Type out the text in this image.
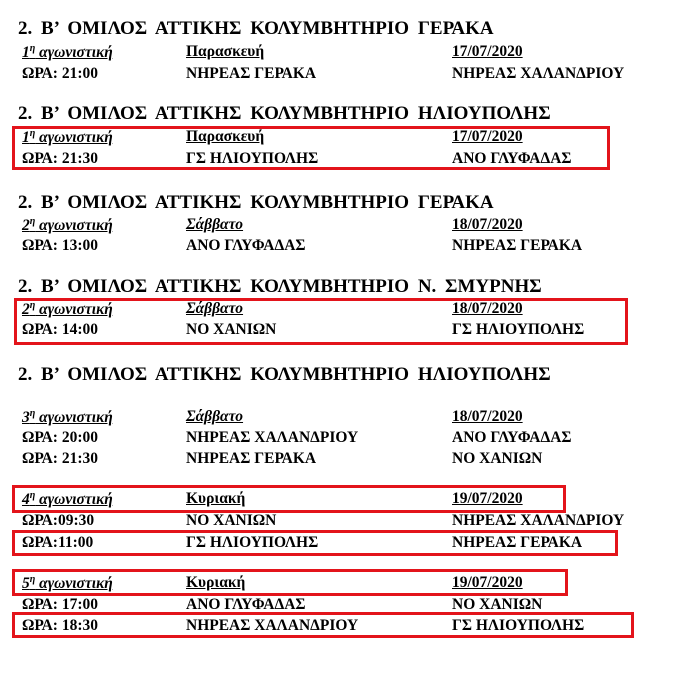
2. Β’ ΟΜΙΛΟΣ ΑΤΤΙΚΗΣ ΚΟΛΥΜΒΗΤΗΡΙΟ ΓΕΡΑΚΑ
$1^\eta$ αγωνιστική	Παρασκευή	17/07/2020
ΩΡΑ: 21:00	ΝΗΡΕΑΣ ΓΕΡΑΚΑ	ΝΗΡΕΑΣ ΧΑΛΑΝΔΡΙΟΥ
2. Β’ ΟΜΙΛΟΣ ΑΤΤΙΚΗΣ ΚΟΛΥΜΒΗΤΗΡΙΟ ΗΛΙΟΥΠΟΛΗΣ
$1^\eta$ αγωνιστική	Παρασκευή	17/07/2020
ΩΡΑ: 21:30	ΓΣ ΗΛΙΟΥΠΟΛΗΣ	ΑΝΟ ΓΛΥΦΑΔΑΣ
2. Β’ ΟΜΙΛΟΣ ΑΤΤΙΚΗΣ ΚΟΛΥΜΒΗΤΗΡΙΟ ΓΕΡΑΚΑ
$2^\eta$ αγωνιστική	Σάββατο	18/07/2020
ΩΡΑ: 13:00	ΑΝΟ ΓΛΥΦΑΔΑΣ	ΝΗΡΕΑΣ ΓΕΡΑΚΑ
2. Β’ ΟΜΙΛΟΣ ΑΤΤΙΚΗΣ ΚΟΛΥΜΒΗΤΗΡΙΟ Ν. ΣΜΥΡΝΗΣ
$2^\eta$ αγωνιστική	Σάββατο	18/07/2020
ΩΡΑ: 14:00	ΝΟ ΧΑΝΙΩΝ	ΓΣ ΗΛΙΟΥΠΟΛΗΣ
2. Β’ ΟΜΙΛΟΣ ΑΤΤΙΚΗΣ ΚΟΛΥΜΒΗΤΗΡΙΟ ΗΛΙΟΥΠΟΛΗΣ
$3^\eta$ αγωνιστική	Σάββατο	18/07/2020
ΩΡΑ: 20:00	ΝΗΡΕΑΣ ΧΑΛΑΝΔΡΙΟΥ	ΑΝΟ ΓΛΥΦΑΔΑΣ
ΩΡΑ: 21:30	ΝΗΡΕΑΣ ΓΕΡΑΚΑ	ΝΟ ΧΑΝΙΩΝ
$4^\eta$ αγωνιστική	Κυριακή	19/07/2020
ΩΡΑ:09:30	ΝΟ ΧΑΝΙΩΝ	ΝΗΡΕΑΣ ΧΑΛΑΝΔΡΙΟΥ
ΩΡΑ:11:00	ΓΣ ΗΛΙΟΥΠΟΛΗΣ	ΝΗΡΕΑΣ ΓΕΡΑΚΑ
$5^\eta$ αγωνιστική	Κυριακή	19/07/2020
ΩΡΑ: 17:00	ΑΝΟ ΓΛΥΦΑΔΑΣ	ΝΟ ΧΑΝΙΩΝ
ΩΡΑ: 18:30	ΝΗΡΕΑΣ ΧΑΛΑΝΔΡΙΟΥ	ΓΣ ΗΛΙΟΥΠΟΛΗΣ
